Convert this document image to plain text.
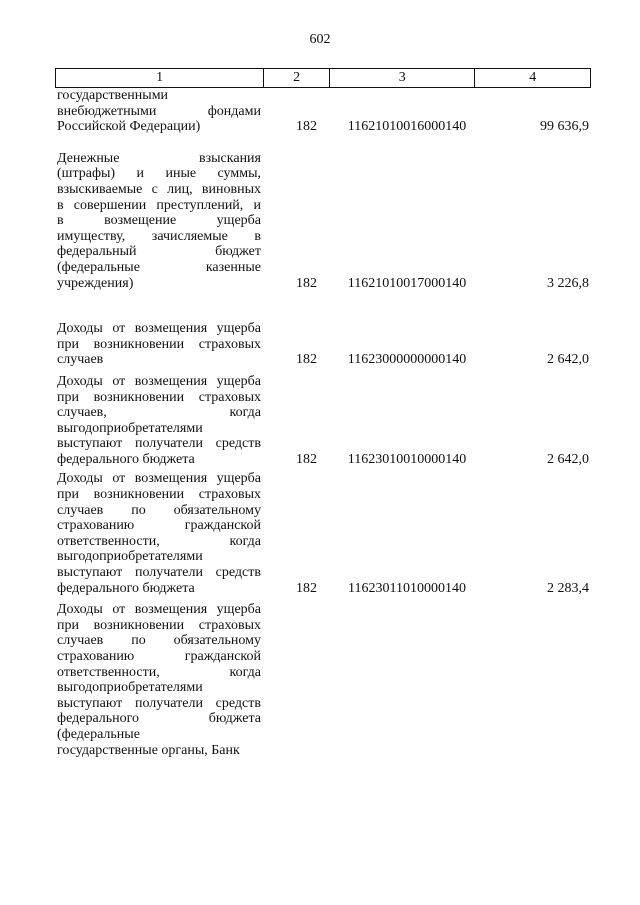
602
1	2	3	4
государственными
внебюджетными фондами
Российской Федерации)	182	11621010016000140	99 636,9
Денежные взыскания
(штрафы) и иные суммы,
взыскиваемые с лиц, виновных
в совершении преступлений, и
в возмещение ущерба
имуществу, зачисляемые в
федеральный бюджет
(федеральные казенные
учреждения)	182	11621010017000140	3 226,8
Доходы от возмещения ущерба
при возникновении страховых
случаев	182	11623000000000140	2 642,0
Доходы от возмещения ущерба
при возникновении страховых
случаев, когда
выгодоприобретателями
выступают получатели средств
федерального бюджета	182	11623010010000140	2 642,0
Доходы от возмещения ущерба
при возникновении страховых
случаев по обязательному
страхованию гражданской
ответственности, когда
выгодоприобретателями
выступают получатели средств
федерального бюджета	182	11623011010000140	2 283,4
Доходы от возмещения ущерба
при возникновении страховых
случаев по обязательному
страхованию гражданской
ответственности, когда
выгодоприобретателями
выступают получатели средств
федерального бюджета
(федеральные
государственные органы, Банк
